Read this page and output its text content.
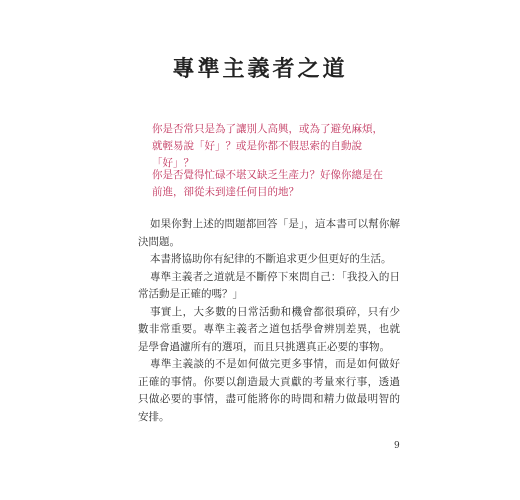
專準主義者之道

你是否常只是為了讓別人高興，或為了避免麻煩，就輕易說「好」？或是你都不假思索的自動說「好」？

你是否覺得忙碌不堪又缺乏生產力？好像你總是在前進，卻從未到達任何目的地？

如果你對上述的問題都回答「是」，這本書可以幫你解決問題。

本書將協助你有紀律的不斷追求更少但更好的生活。

專準主義者之道就是不斷停下來問自己：「我投入的日常活動是正確的嗎？」

事實上，大多數的日常活動和機會都很瑣碎，只有少數非常重要。專準主義者之道包括學會辨別差異，也就是學會過濾所有的選項，而且只挑選真正必要的事物。

專準主義談的不是如何做完更多事情，而是如何做好正確的事情。你要以創造最大貢獻的考量來行事，透過只做必要的事情，盡可能將你的時間和精力做最明智的安排。

9
